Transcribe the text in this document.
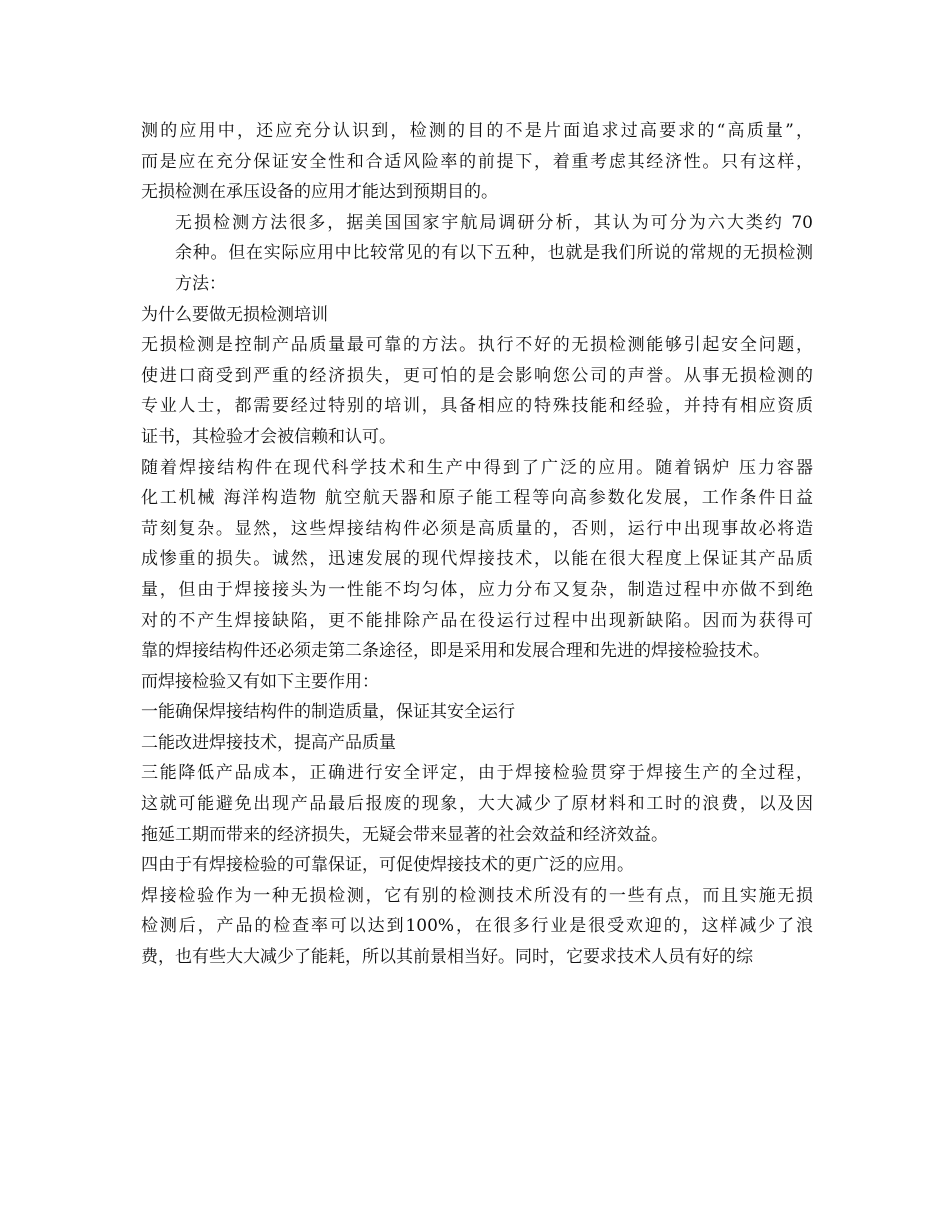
测的应用中，还应充分认识到，检测的目的不是片面追求过高要求的“高质量”，
而是应在充分保证安全性和合适风险率的前提下，着重考虑其经济性。只有这样，
无损检测在承压设备的应用才能达到预期目的。
无损检测方法很多，据美国国家宇航局调研分析，其认为可分为六大类约 70
余种。但在实际应用中比较常见的有以下五种，也就是我们所说的常规的无损检测
方法：
为什么要做无损检测培训
无损检测是控制产品质量最可靠的方法。执行不好的无损检测能够引起安全问题，
使进口商受到严重的经济损失，更可怕的是会影响您公司的声誉。从事无损检测的
专业人士，都需要经过特别的培训，具备相应的特殊技能和经验，并持有相应资质
证书，其检验才会被信赖和认可。
随着焊接结构件在现代科学技术和生产中得到了广泛的应用。随着锅炉 压力容器
化工机械 海洋构造物 航空航天器和原子能工程等向高参数化发展，工作条件日益
苛刻复杂。显然，这些焊接结构件必须是高质量的，否则，运行中出现事故必将造
成惨重的损失。诚然，迅速发展的现代焊接技术，以能在很大程度上保证其产品质
量，但由于焊接接头为一性能不均匀体，应力分布又复杂，制造过程中亦做不到绝
对的不产生焊接缺陷，更不能排除产品在役运行过程中出现新缺陷。因而为获得可
靠的焊接结构件还必须走第二条途径，即是采用和发展合理和先进的焊接检验技术。
而焊接检验又有如下主要作用：
一能确保焊接结构件的制造质量，保证其安全运行
二能改进焊接技术，提高产品质量
三能降低产品成本，正确进行安全评定，由于焊接检验贯穿于焊接生产的全过程，
这就可能避免出现产品最后报废的现象，大大减少了原材料和工时的浪费，以及因
拖延工期而带来的经济损失，无疑会带来显著的社会效益和经济效益。
四由于有焊接检验的可靠保证，可促使焊接技术的更广泛的应用。
焊接检验作为一种无损检测，它有别的检测技术所没有的一些有点，而且实施无损
检测后，产品的检查率可以达到100%，在很多行业是很受欢迎的，这样减少了浪
费，也有些大大减少了能耗，所以其前景相当好。同时，它要求技术人员有好的综
